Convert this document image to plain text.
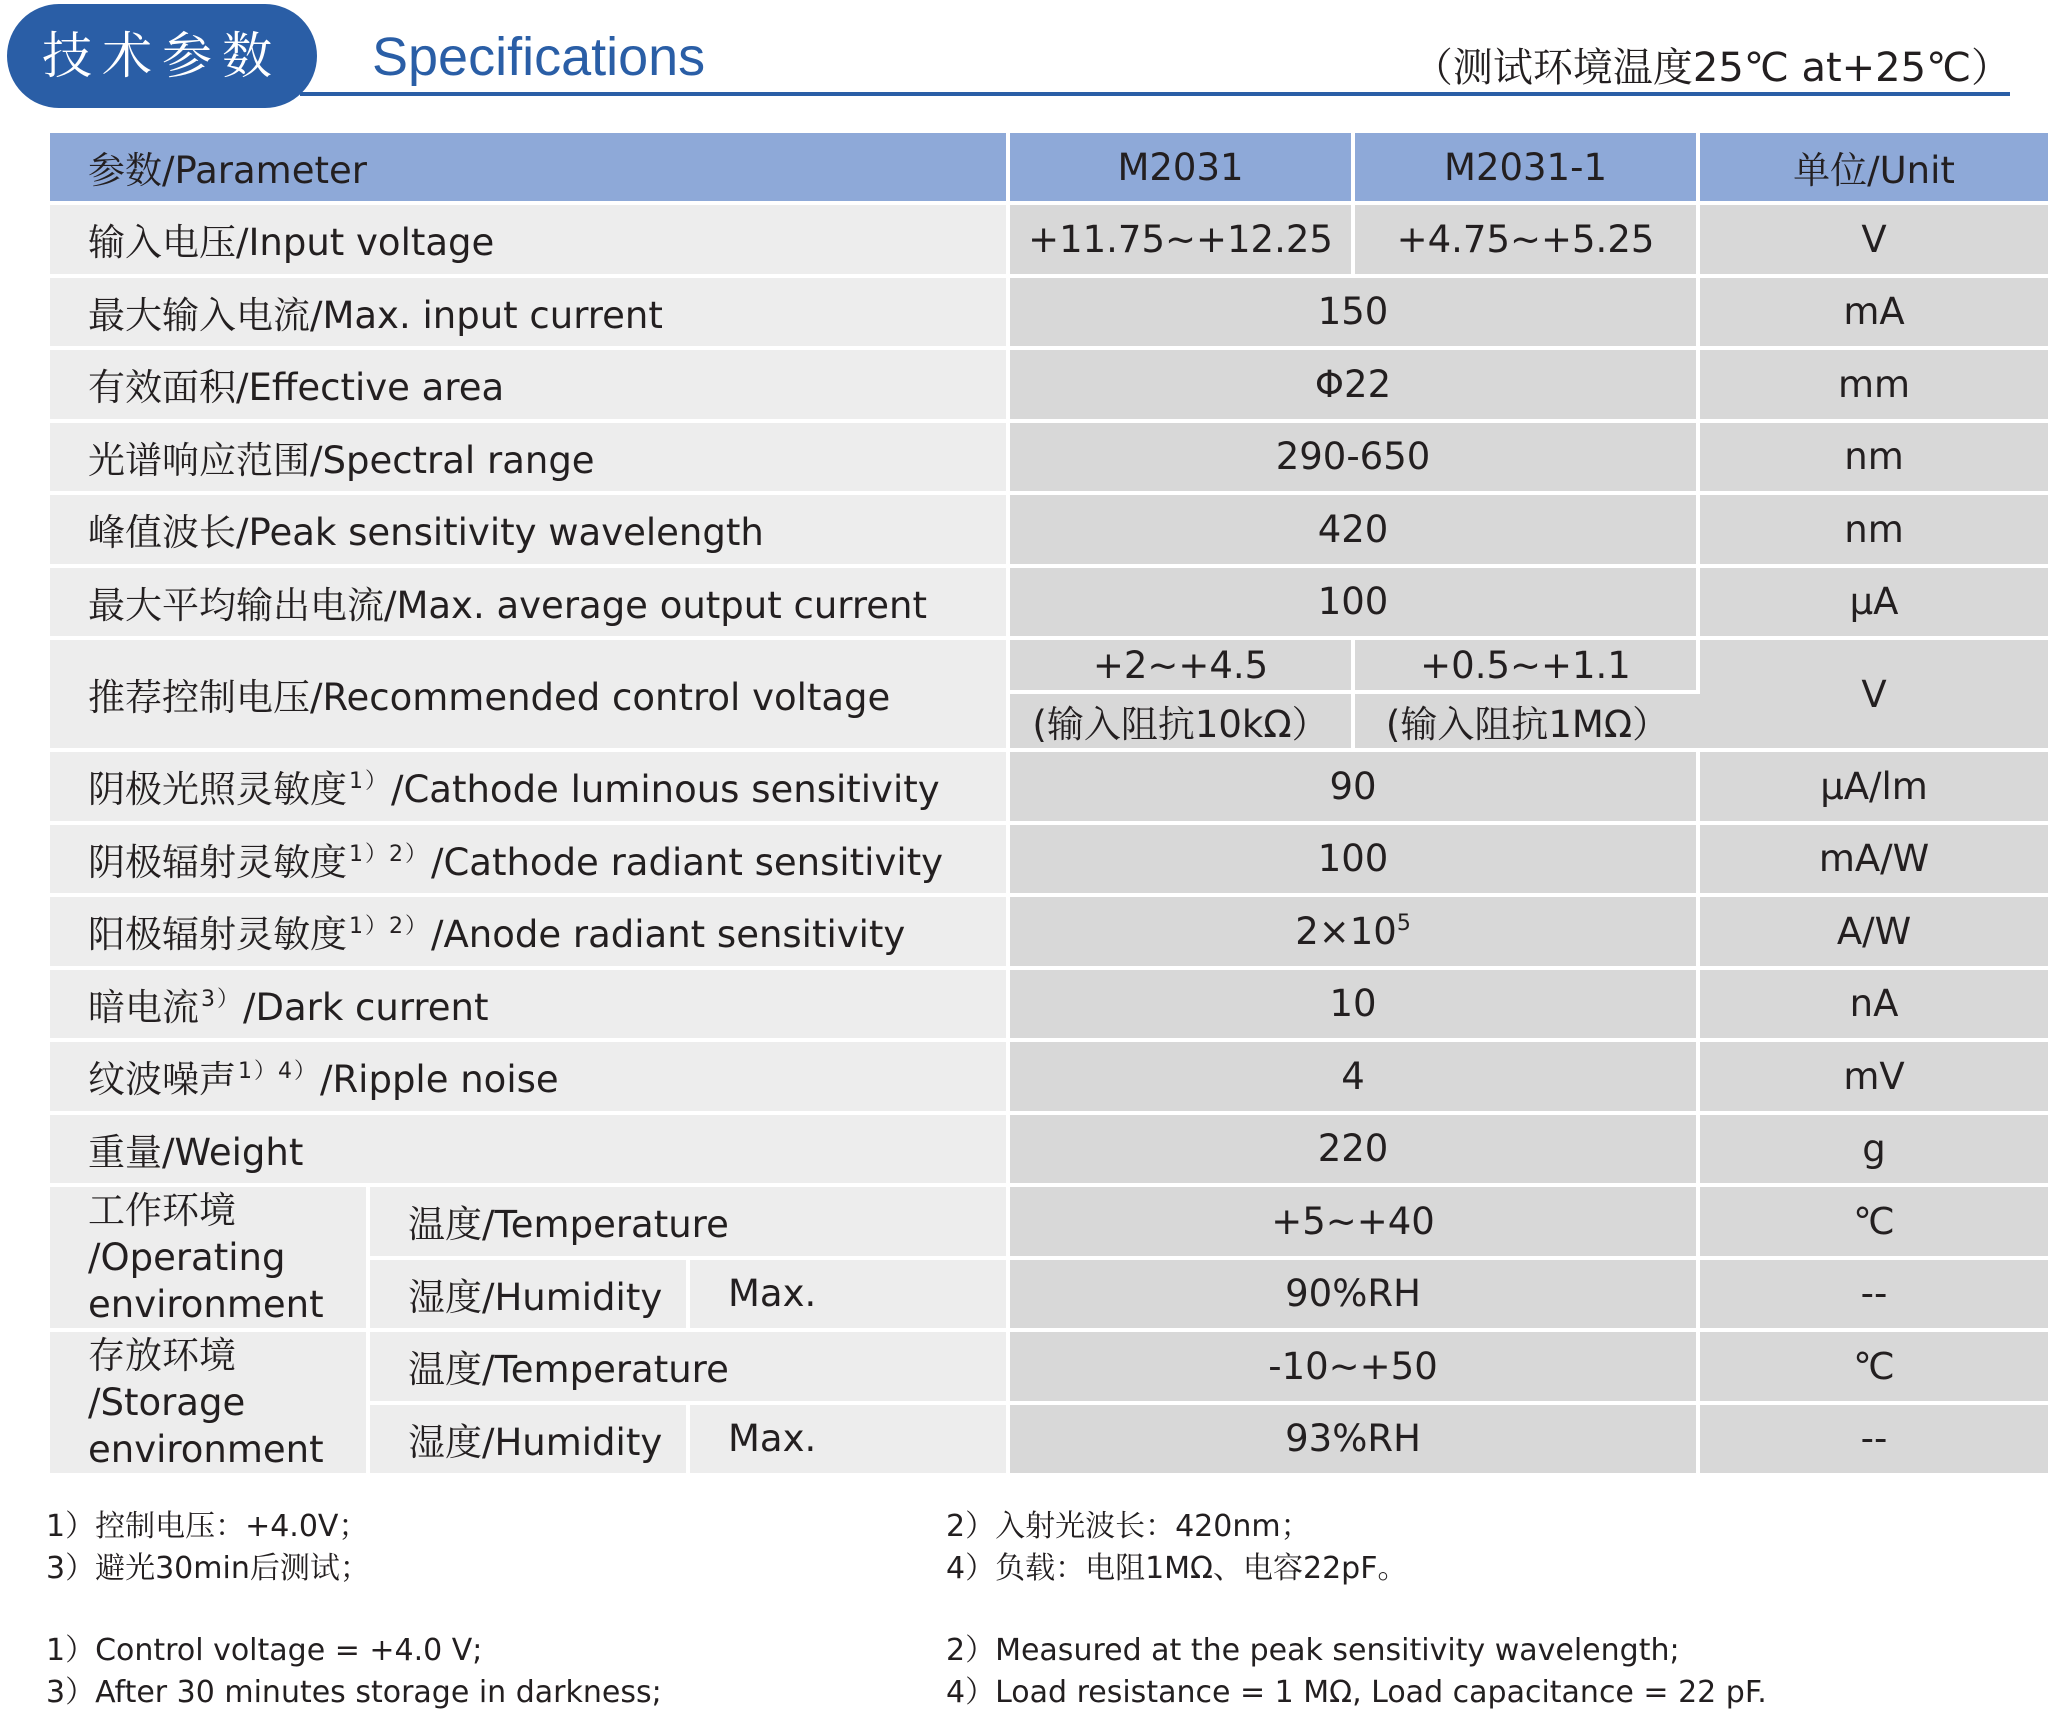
技术参数	Specifications	（测试环境温度25℃ at+25℃）
参数/Parameter			M2031	M2031-1	单位/Unit
输入电压/Input voltage			+11.75~+12.25	+4.75~+5.25	V
最大输入电流/Max. input current			150		mA
有效面积/Effective area			Φ22		mm
光谱响应范围/Spectral range			290-650		nm
峰值波长/Peak sensitivity wavelength			420		nm
最大平均输出电流/Max. average output current			100		μA
推荐控制电压/Recommended control voltage			+2~+4.5	+0.5~+1.1	V
			(输入阻抗10kΩ）	(输入阻抗1MΩ）	
阴极光照灵敏度$^{1)}$/Cathode luminous sensitivity			90		μA/lm
阴极辐射灵敏度$^{1)2)}$/Cathode radiant sensitivity			100		mA/W
阳极辐射灵敏度$^{1)2)}$/Anode radiant sensitivity			$2\times 10^5$		A/W
暗电流$^{3)}$/Dark current			10		nA
纹波噪声$^{1)4)}$/Ripple noise			4		mV
重量/Weight			220		g

工作环境
/Operating
environment	温度/Temperature		+5~+40		℃
	湿度/Humidity	Max.	90%RH		--

存放环境
/Storage
environment	温度/Temperature		-10~+50		℃
	湿度/Humidity	Max.	93%RH		--
1）控制电压：+4.0V；
3）避光30min后测试；
2）入射光波长：420nm；
4）负载：电阻1MΩ、电容22pF。
1）Control voltage = +4.0 V;
3）After 30 minutes storage in darkness;
2）Measured at the peak sensitivity wavelength;
4）Load resistance = 1 MΩ, Load capacitance = 22 pF.
